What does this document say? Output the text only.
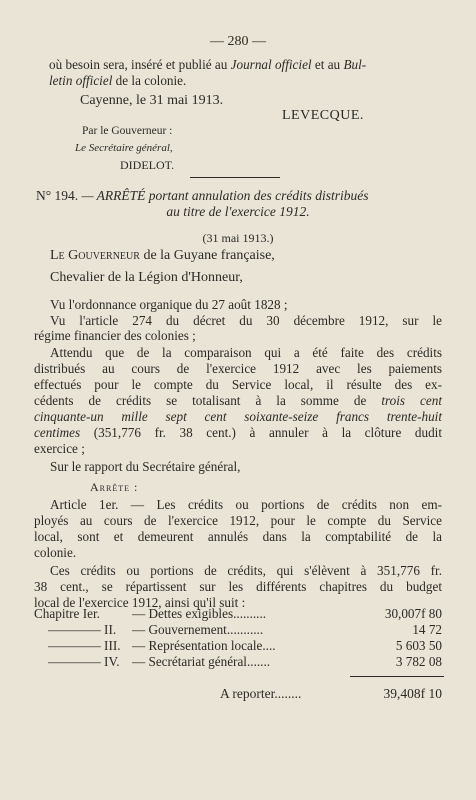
— 280 —
où besoin sera, inséré et publié au Journal officiel et au Bul-
letin officiel de la colonie.
Cayenne, le 31 mai 1913.
LEVECQUE.
Par le Gouverneur :
Le Secrétaire général,
DIDELOT.
N° 194. — ARRÊTÉ portant annulation des crédits distribués
au titre de l'exercice 1912.
(31 mai 1913.)
Le Gouverneur de la Guyane française,
Chevalier de la Légion d'Honneur,
Vu l'ordonnance organique du 27 août 1828 ;
Vu l'article 274 du décret du 30 décembre 1912, sur le
régime financier des colonies ;
Attendu que de la comparaison qui a été faite des crédits
distribués au cours de l'exercice 1912 avec les paiements
effectués pour le compte du Service local, il résulte des ex-
cédents de crédits se totalisant à la somme de trois cent
cinquante-un mille sept cent soixante-seize francs trente-huit
centimes (351,776 fr. 38 cent.) à annuler à la clôture dudit
exercice ;
Sur le rapport du Secrétaire général,
Arrête :
Article 1er. — Les crédits ou portions de crédits non em-
ployés au cours de l'exercice 1912, pour le compte du Service
local, sont et demeurent annulés dans la comptabilité de la
colonie.
Ces crédits ou portions de crédits, qui s'élèvent à 351,776 fr.
38 cent., se répartissent sur les différents chapitres du budget
local de l'exercice 1912, ainsi qu'il suit :
Chapitre Ier. — Dettes exigibles..........	30,007f 80
———— II. — Gouvernement...........	14 72
———— III. — Représentation locale....	5 603 50
———— IV. — Secrétariat général.......	3 782 08
A reporter........	39,408f 10
